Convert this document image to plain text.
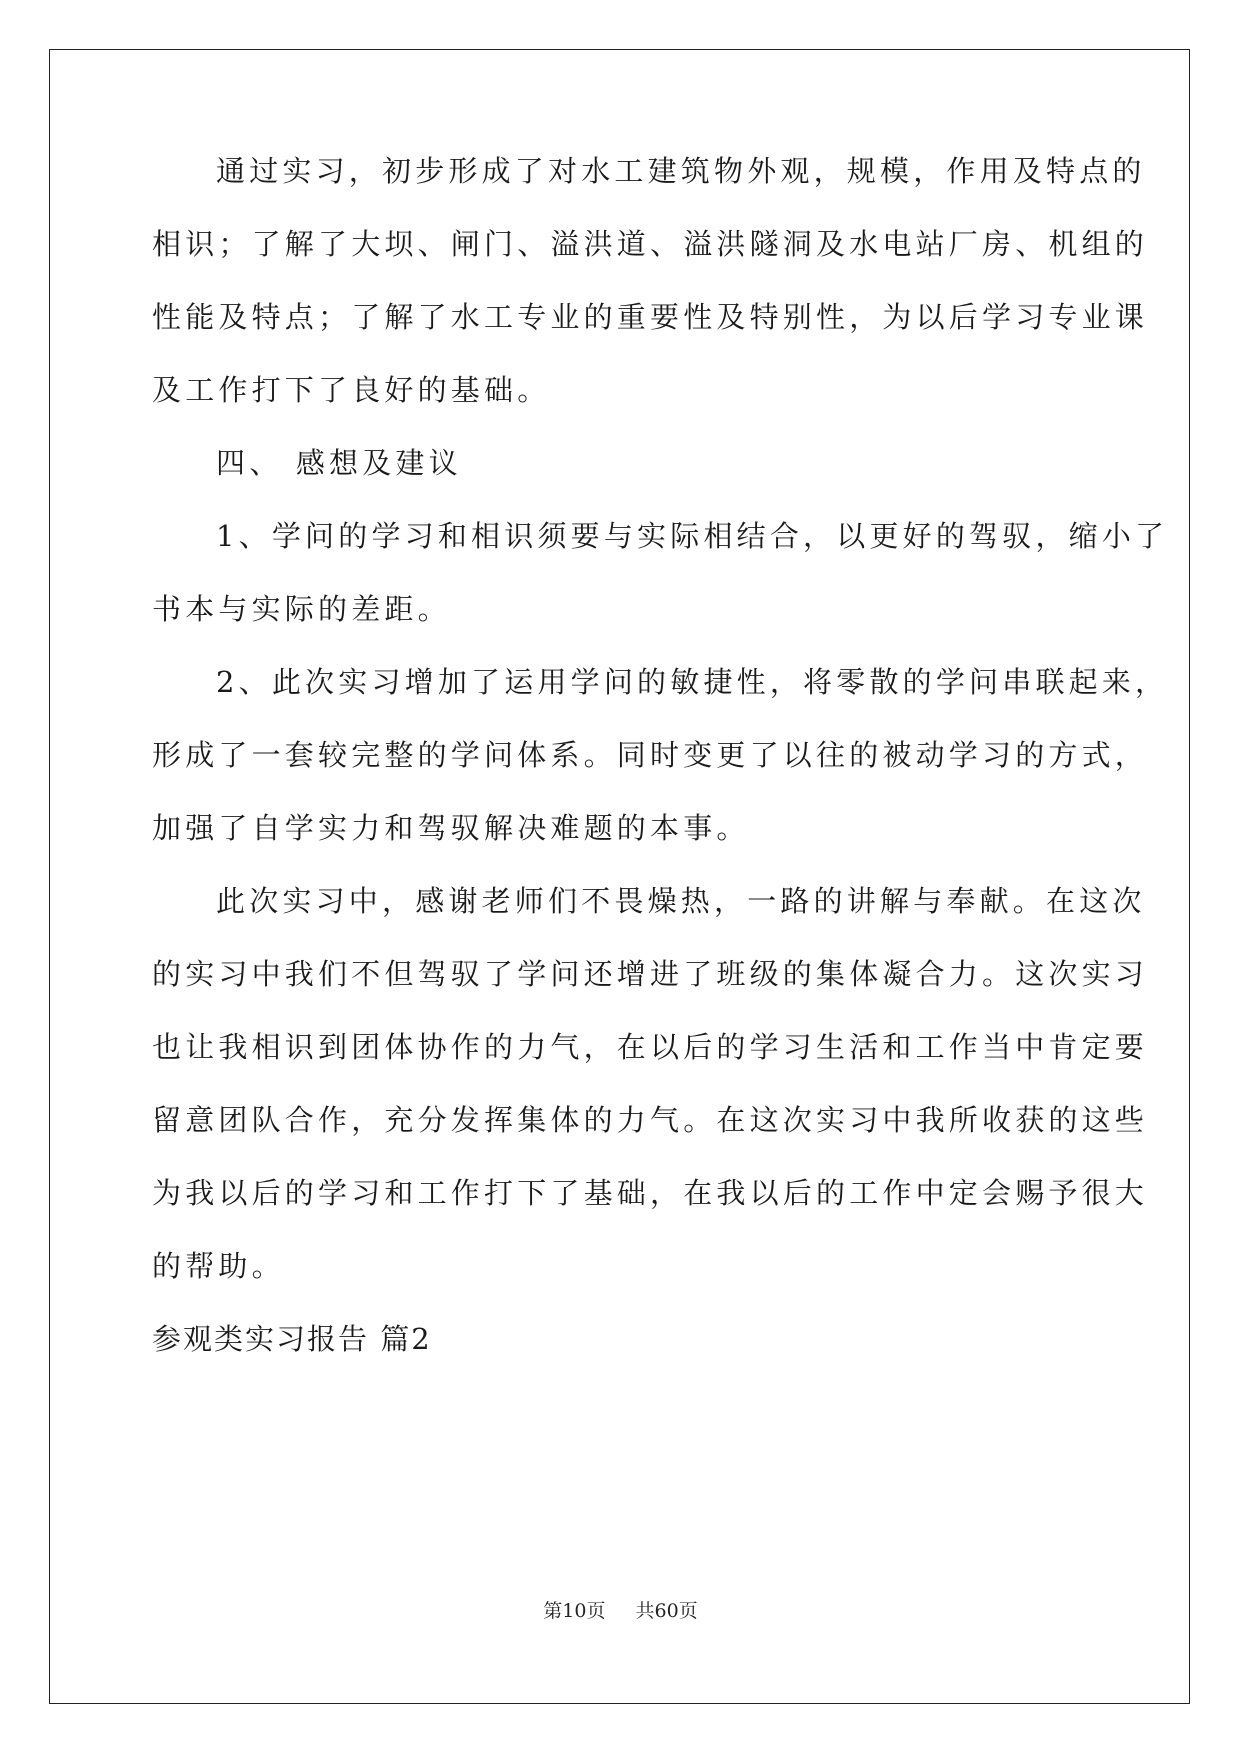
通过实习，初步形成了对水工建筑物外观，规模，作用及特点的
相识；了解了大坝、闸门、溢洪道、溢洪隧洞及水电站厂房、机组的
性能及特点；了解了水工专业的重要性及特别性，为以后学习专业课
及工作打下了良好的基础。
四、 感想及建议
1、学问的学习和相识须要与实际相结合，以更好的驾驭，缩小了
书本与实际的差距。
2、此次实习增加了运用学问的敏捷性，将零散的学问串联起来，
形成了一套较完整的学问体系。同时变更了以往的被动学习的方式，
加强了自学实力和驾驭解决难题的本事。
此次实习中，感谢老师们不畏燥热，一路的讲解与奉献。在这次
的实习中我们不但驾驭了学问还增进了班级的集体凝合力。这次实习
也让我相识到团体协作的力气，在以后的学习生活和工作当中肯定要
留意团队合作，充分发挥集体的力气。在这次实习中我所收获的这些
为我以后的学习和工作打下了基础，在我以后的工作中定会赐予很大
的帮助。
参观类实习报告 篇2
第10页 共60页
